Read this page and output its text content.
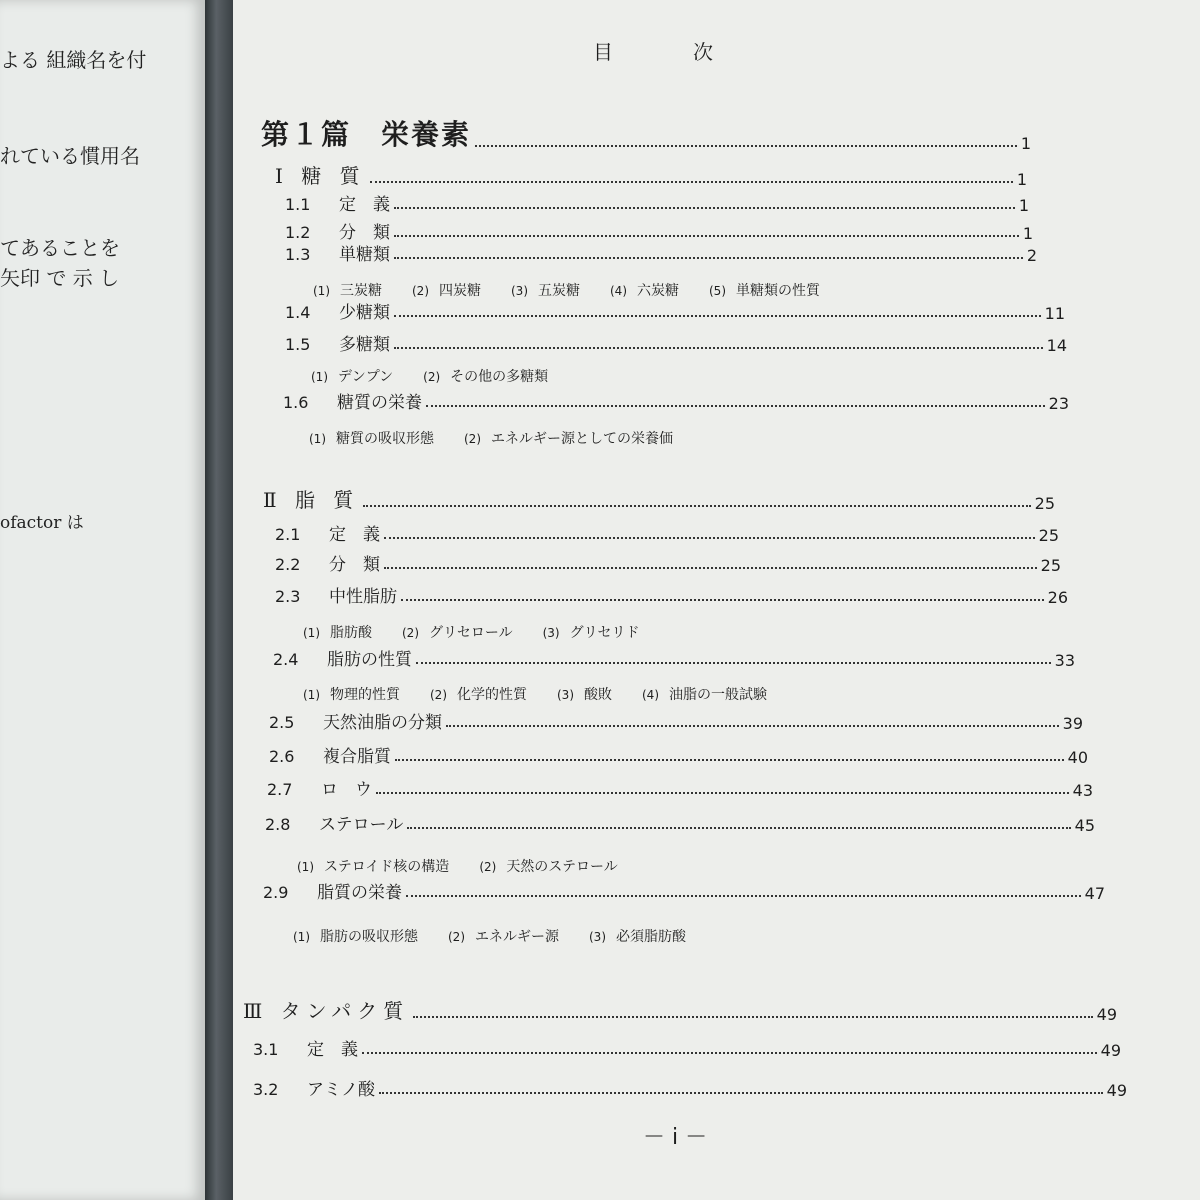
よる 組織名を付
れている慣用名
てあることを
矢印 で 示 し
ofactor は
目　次
第１篇　栄養素	1
Ⅰ 糖 質	1
1.1 定　義	1
1.2 分　類	1
1.3 単糖類	2
(1) 三炭糖	(2) 四炭糖	(3) 五炭糖	(4) 六炭糖	(5) 単糖類の性質
1.4 少糖類	11
1.5 多糖類	14
(1) デンプン	(2) その他の多糖類
1.6 糖質の栄養	23
(1) 糖質の吸収形態	(2) エネルギー源としての栄養価
Ⅱ 脂 質	25
2.1 定　義	25
2.2 分　類	25
2.3 中性脂肪	26
(1) 脂肪酸	(2) グリセロール	(3) グリセリド
2.4 脂肪の性質	33
(1) 物理的性質	(2) 化学的性質	(3) 酸敗	(4) 油脂の一般試験
2.5 天然油脂の分類	39
2.6 複合脂質	40
2.7 ロ　ウ	43
2.8 ステロール	45
(1) ステロイド核の構造	(2) 天然のステロール
2.9 脂質の栄養	47
(1) 脂肪の吸収形態	(2) エネルギー源	(3) 必須脂肪酸
Ⅲ タンパク質	49
3.1 定　義	49
3.2 アミノ酸	49
－ i －
